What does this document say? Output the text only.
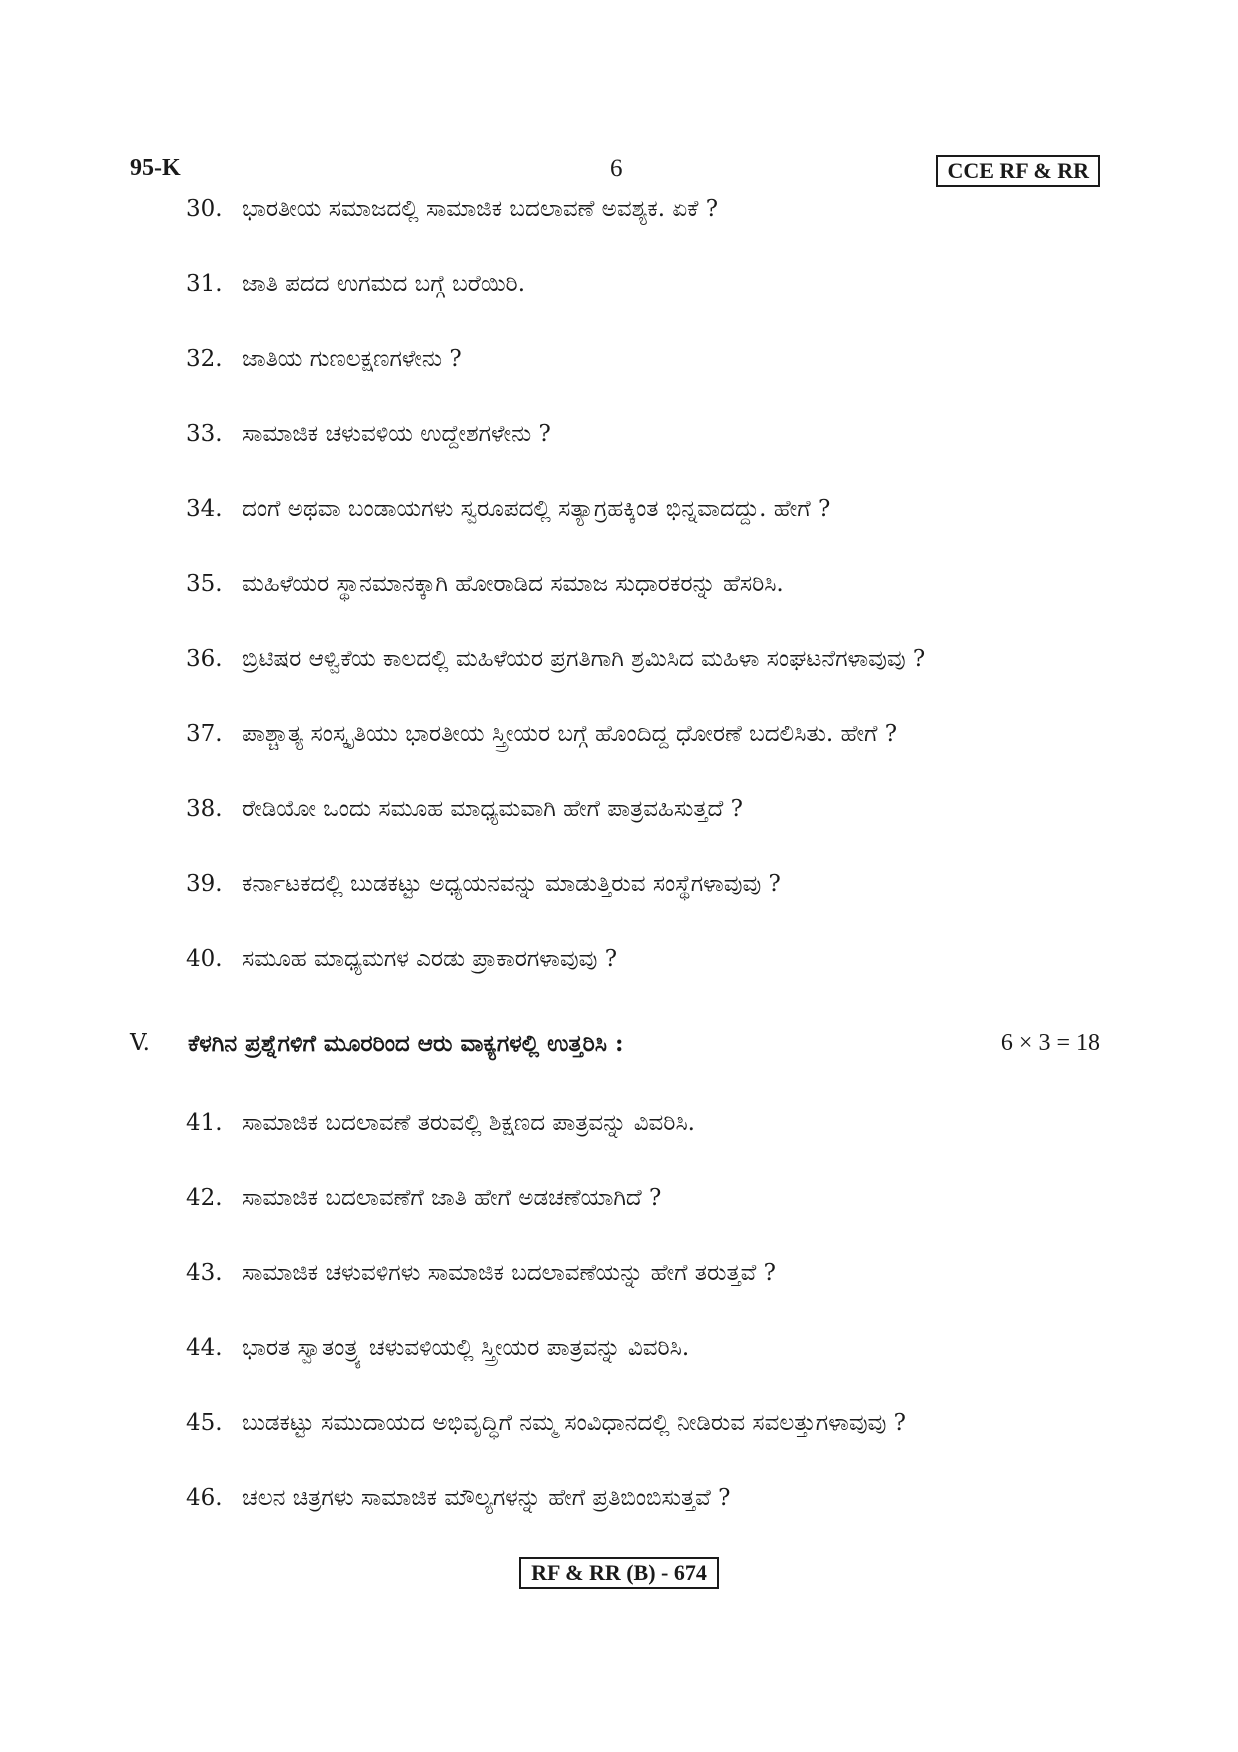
95-K	6	CCE RF & RR
30. ಭಾರತೀಯ ಸಮಾಜದಲ್ಲಿ ಸಾಮಾಜಿಕ ಬದಲಾವಣೆ ಅವಶ್ಯಕ. ಏಕೆ ?
31. ಜಾತಿ ಪದದ ಉಗಮದ ಬಗ್ಗೆ ಬರೆಯಿರಿ.
32. ಜಾತಿಯ ಗುಣಲಕ್ಷಣಗಳೇನು ?
33. ಸಾಮಾಜಿಕ ಚಳುವಳಿಯ ಉದ್ದೇಶಗಳೇನು ?
34. ದಂಗೆ ಅಥವಾ ಬಂಡಾಯಗಳು ಸ್ವರೂಪದಲ್ಲಿ ಸತ್ಯಾಗ್ರಹಕ್ಕಿಂತ ಭಿನ್ನವಾದದ್ದು. ಹೇಗೆ ?
35. ಮಹಿಳೆಯರ ಸ್ಥಾನಮಾನಕ್ಕಾಗಿ ಹೋರಾಡಿದ ಸಮಾಜ ಸುಧಾರಕರನ್ನು ಹೆಸರಿಸಿ.
36. ಬ್ರಿಟಿಷರ ಆಳ್ವಿಕೆಯ ಕಾಲದಲ್ಲಿ ಮಹಿಳೆಯರ ಪ್ರಗತಿಗಾಗಿ ಶ್ರಮಿಸಿದ ಮಹಿಳಾ ಸಂಘಟನೆಗಳಾವುವು ?
37. ಪಾಶ್ಚಾತ್ಯ ಸಂಸ್ಕೃತಿಯು ಭಾರತೀಯ ಸ್ತ್ರೀಯರ ಬಗ್ಗೆ ಹೊಂದಿದ್ದ ಧೋರಣೆ ಬದಲಿಸಿತು. ಹೇಗೆ ?
38. ರೇಡಿಯೋ ಒಂದು ಸಮೂಹ ಮಾಧ್ಯಮವಾಗಿ ಹೇಗೆ ಪಾತ್ರವಹಿಸುತ್ತದೆ ?
39. ಕರ್ನಾಟಕದಲ್ಲಿ ಬುಡಕಟ್ಟು ಅಧ್ಯಯನವನ್ನು ಮಾಡುತ್ತಿರುವ ಸಂಸ್ಥೆಗಳಾವುವು ?
40. ಸಮೂಹ ಮಾಧ್ಯಮಗಳ ಎರಡು ಪ್ರಾಕಾರಗಳಾವುವು ?
V. ಕೆಳಗಿನ ಪ್ರಶ್ನೆಗಳಿಗೆ ಮೂರರಿಂದ ಆರು ವಾಕ್ಯಗಳಲ್ಲಿ ಉತ್ತರಿಸಿ :	6 × 3 = 18
41. ಸಾಮಾಜಿಕ ಬದಲಾವಣೆ ತರುವಲ್ಲಿ ಶಿಕ್ಷಣದ ಪಾತ್ರವನ್ನು ವಿವರಿಸಿ.
42. ಸಾಮಾಜಿಕ ಬದಲಾವಣೆಗೆ ಜಾತಿ ಹೇಗೆ ಅಡಚಣೆಯಾಗಿದೆ ?
43. ಸಾಮಾಜಿಕ ಚಳುವಳಿಗಳು ಸಾಮಾಜಿಕ ಬದಲಾವಣೆಯನ್ನು ಹೇಗೆ ತರುತ್ತವೆ ?
44. ಭಾರತ ಸ್ವಾತಂತ್ರ್ಯ ಚಳುವಳಿಯಲ್ಲಿ ಸ್ತ್ರೀಯರ ಪಾತ್ರವನ್ನು ವಿವರಿಸಿ.
45. ಬುಡಕಟ್ಟು ಸಮುದಾಯದ ಅಭಿವೃದ್ಧಿಗೆ ನಮ್ಮ ಸಂವಿಧಾನದಲ್ಲಿ ನೀಡಿರುವ ಸವಲತ್ತುಗಳಾವುವು ?
46. ಚಲನ ಚಿತ್ರಗಳು ಸಾಮಾಜಿಕ ಮೌಲ್ಯಗಳನ್ನು ಹೇಗೆ ಪ್ರತಿಬಿಂಬಿಸುತ್ತವೆ ?
RF & RR (B) - 674
